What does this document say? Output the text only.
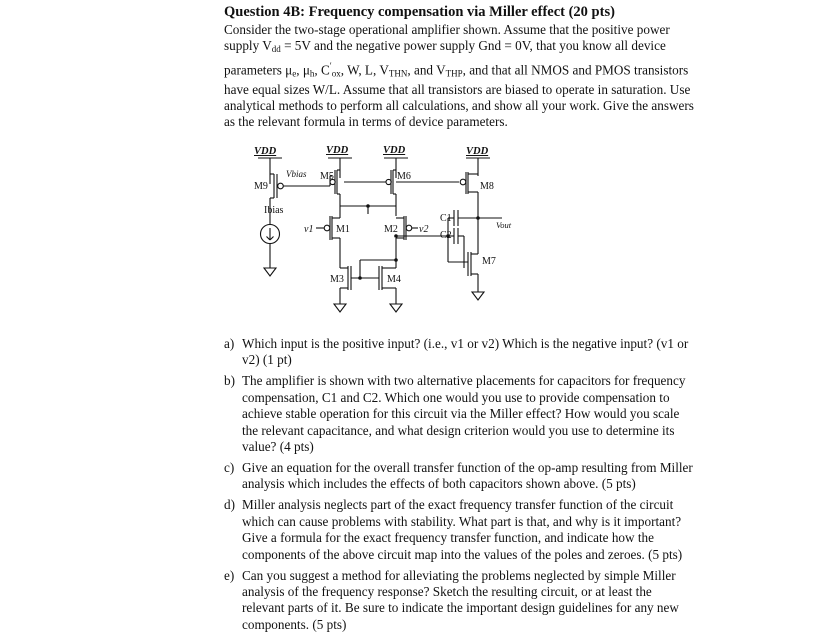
Question 4B: Frequency compensation via Miller effect (20 pts)

Consider the two-stage operational amplifier shown. Assume that the positive power supply $V_{dd} = 5V$ and the negative power supply Gnd = 0V, that you know all device parameters $\mu_e$, $\mu_h$, $C'_{ox}$, W, L, $V_{THN}$, and $V_{THP}$, and that all NMOS and PMOS transistors have equal sizes W/L. Assume that all transistors are biased to operate in saturation. Use analytical methods to perform all calculations, and show all your work. Give the answers as the relevant formula in terms of device parameters.

VDD	VDD	VDD	VDD
Vbias M5	M6
M8
M9
Ibias
C1
C2
Vout
v1	v2
M1	M2
M3	M4
M7
a) Which input is the positive input? (i.e., v1 or v2) Which is the negative input? (v1 or v2) (1 pt)
b) The amplifier is shown with two alternative placements for capacitors for frequency compensation, C1 and C2. Which one would you use to provide compensation to achieve stable operation for this circuit via the Miller effect? How would you scale the relevant capacitance, and what design criterion would you use to determine its value? (4 pts)
c) Give an equation for the overall transfer function of the op-amp resulting from Miller analysis which includes the effects of both capacitors shown above. (5 pts)
d) Miller analysis neglects part of the exact frequency transfer function of the circuit which can cause problems with stability. What part is that, and why is it important? Give a formula for the exact frequency transfer function, and indicate how the components of the above circuit map into the values of the poles and zeroes. (5 pts)
e) Can you suggest a method for alleviating the problems neglected by simple Miller analysis of the frequency response? Sketch the resulting circuit, or at least the relevant parts of it. Be sure to indicate the important design guidelines for any new components. (5 pts)
